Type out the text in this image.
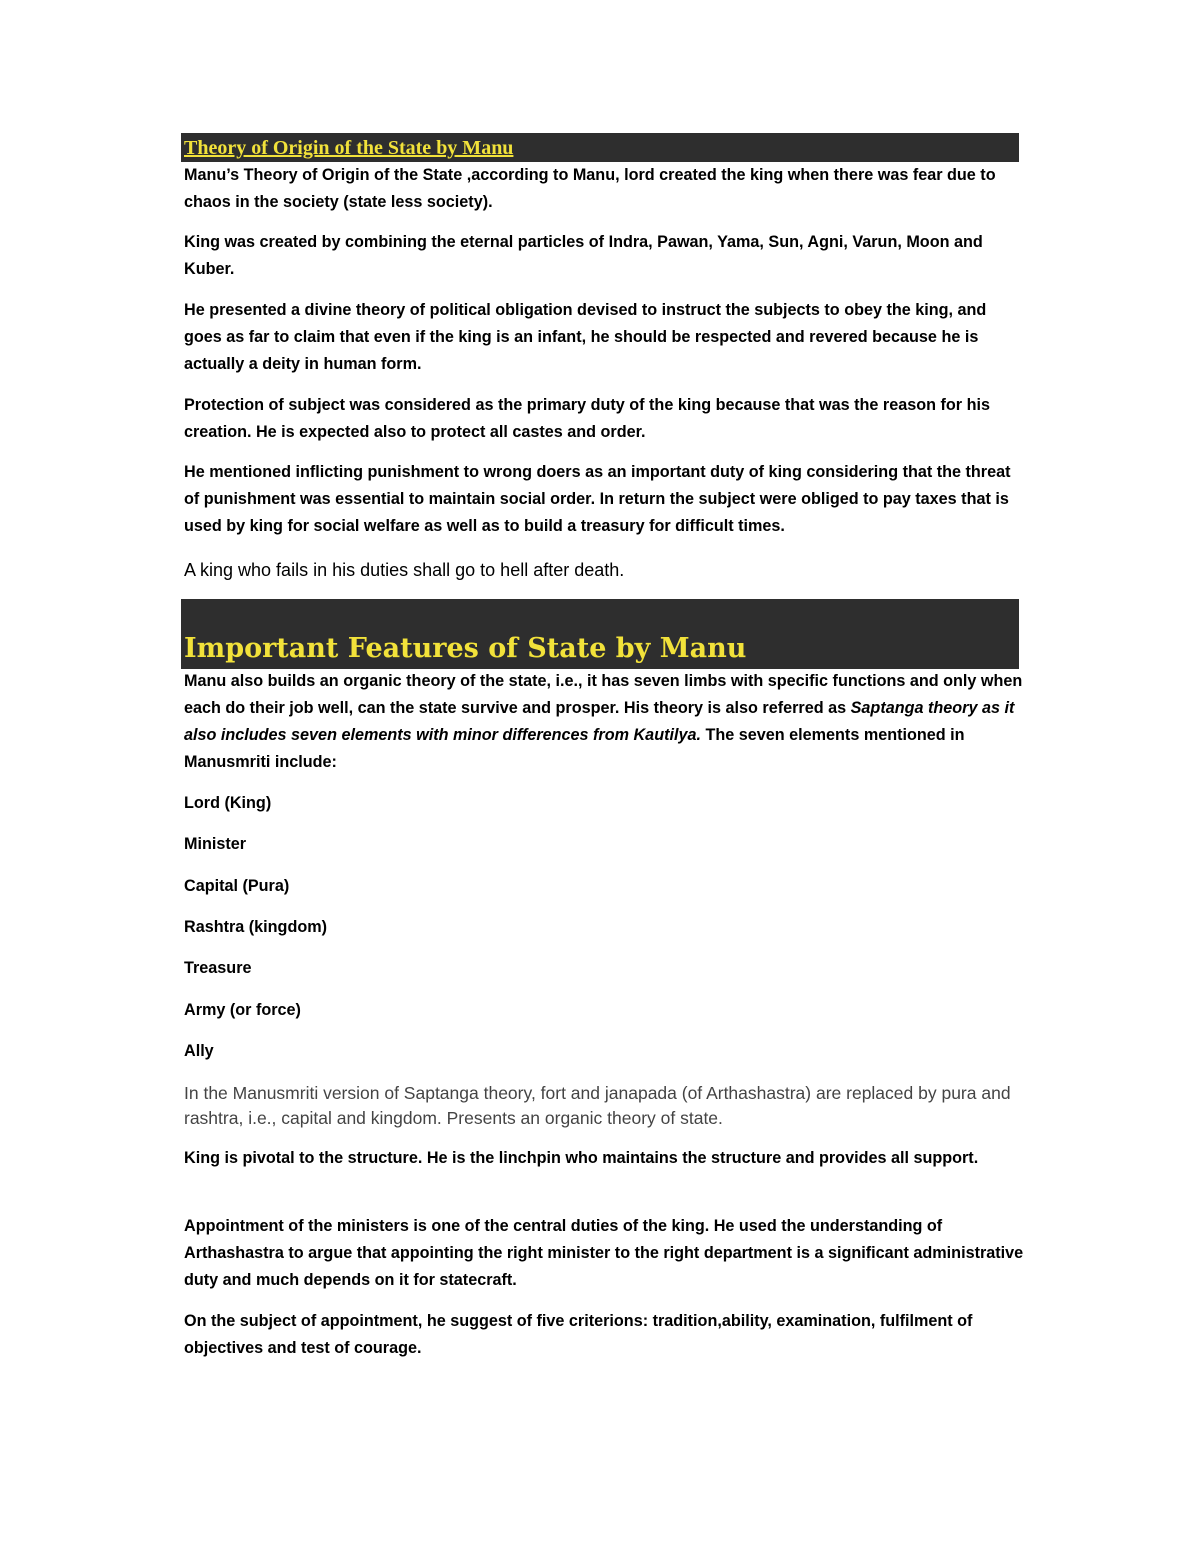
Theory of Origin of the State by Manu

Manu’s Theory of Origin of the State ,according to Manu, lord created the king when there was fear due to chaos in the society (state less society).

King was created by combining the eternal particles of Indra, Pawan, Yama, Sun, Agni, Varun, Moon and Kuber.

He presented a divine theory of political obligation devised to instruct the subjects to obey the king, and goes as far to claim that even if the king is an infant, he should be respected and revered because he is actually a deity in human form.

Protection of subject was considered as the primary duty of the king because that was the reason for his creation. He is expected also to protect all castes and order.

He mentioned inflicting punishment to wrong doers as an important duty of king considering that the threat of punishment was essential to maintain social order. In return the subject were obliged to pay taxes that is used by king for social welfare as well as to build a treasury for difficult times.

A king who fails in his duties shall go to hell after death.

Important Features of State by Manu

Manu also builds an organic theory of the state, i.e., it has seven limbs with specific functions and only when each do their job well, can the state survive and prosper. His theory is also referred as Saptanga theory as it also includes seven elements with minor differences from Kautilya. The seven elements mentioned in Manusmriti include:

Lord (King)

Minister

Capital (Pura)

Rashtra (kingdom)

Treasure

Army (or force)

Ally

In the Manusmriti version of Saptanga theory, fort and janapada (of Arthashastra) are replaced by pura and rashtra, i.e., capital and kingdom. Presents an organic theory of state.

King is pivotal to the structure. He is the linchpin who maintains the structure and provides all support.

Appointment of the ministers is one of the central duties of the king. He used the understanding of Arthashastra to argue that appointing the right minister to the right department is a significant administrative duty and much depends on it for statecraft.

On the subject of appointment, he suggest of five criterions: tradition,ability, examination, fulfilment of objectives and test of courage.
